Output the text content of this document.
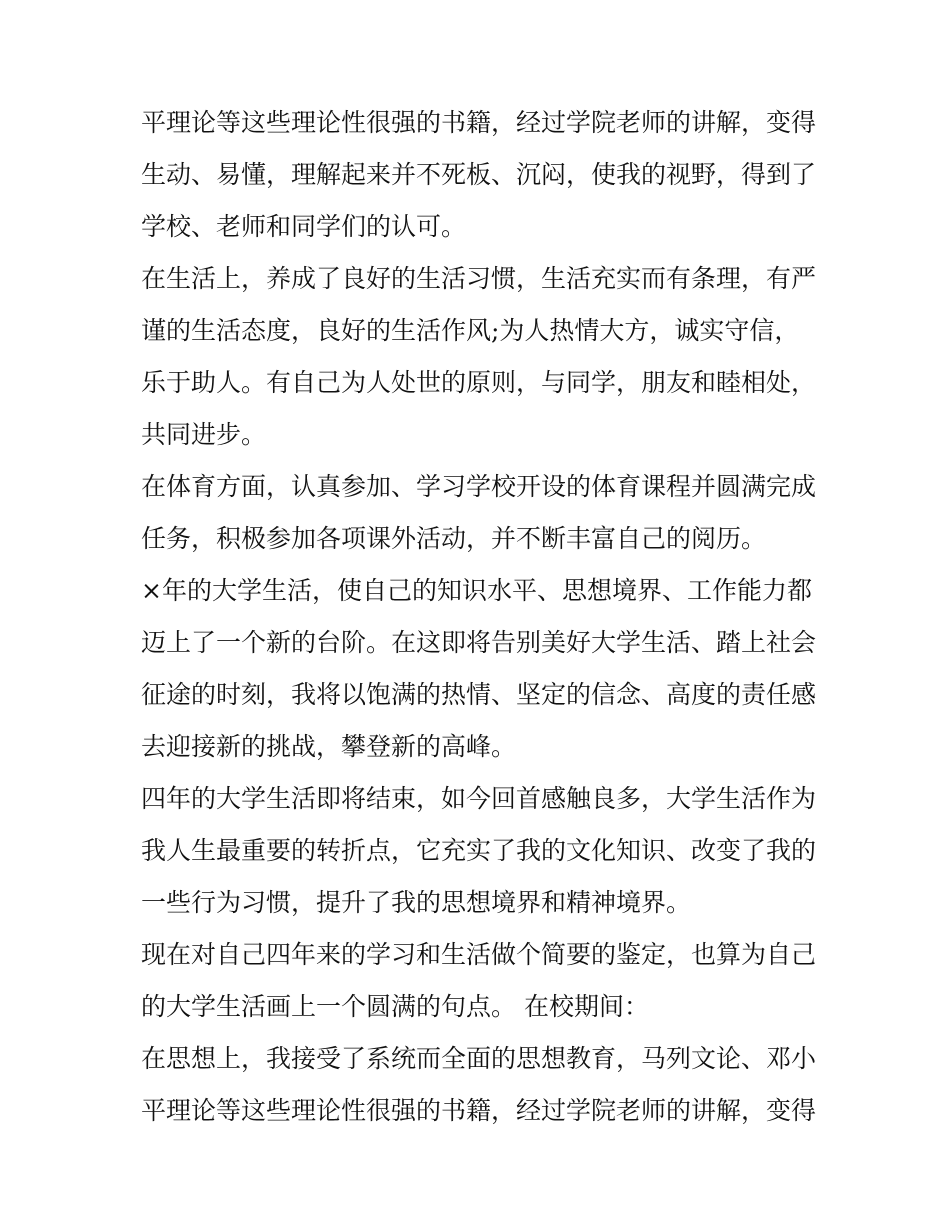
平理论等这些理论性很强的书籍，经过学院老师的讲解，变得
生动、易懂，理解起来并不死板、沉闷，使我的视野，得到了
学校、老师和同学们的认可。
在生活上，养成了良好的生活习惯，生活充实而有条理，有严
谨的生活态度，良好的生活作风;为人热情大方，诚实守信，
乐于助人。有自己为人处世的原则，与同学，朋友和睦相处，
共同进步。
在体育方面，认真参加、学习学校开设的体育课程并圆满完成
任务，积极参加各项课外活动，并不断丰富自己的阅历。
×年的大学生活，使自己的知识水平、思想境界、工作能力都
迈上了一个新的台阶。在这即将告别美好大学生活、踏上社会
征途的时刻，我将以饱满的热情、坚定的信念、高度的责任感
去迎接新的挑战，攀登新的高峰。
四年的大学生活即将结束，如今回首感触良多，大学生活作为
我人生最重要的转折点，它充实了我的文化知识、改变了我的
一些行为习惯，提升了我的思想境界和精神境界。
现在对自己四年来的学习和生活做个简要的鉴定，也算为自己
的大学生活画上一个圆满的句点。 在校期间：
在思想上，我接受了系统而全面的思想教育，马列文论、邓小
平理论等这些理论性很强的书籍，经过学院老师的讲解，变得
